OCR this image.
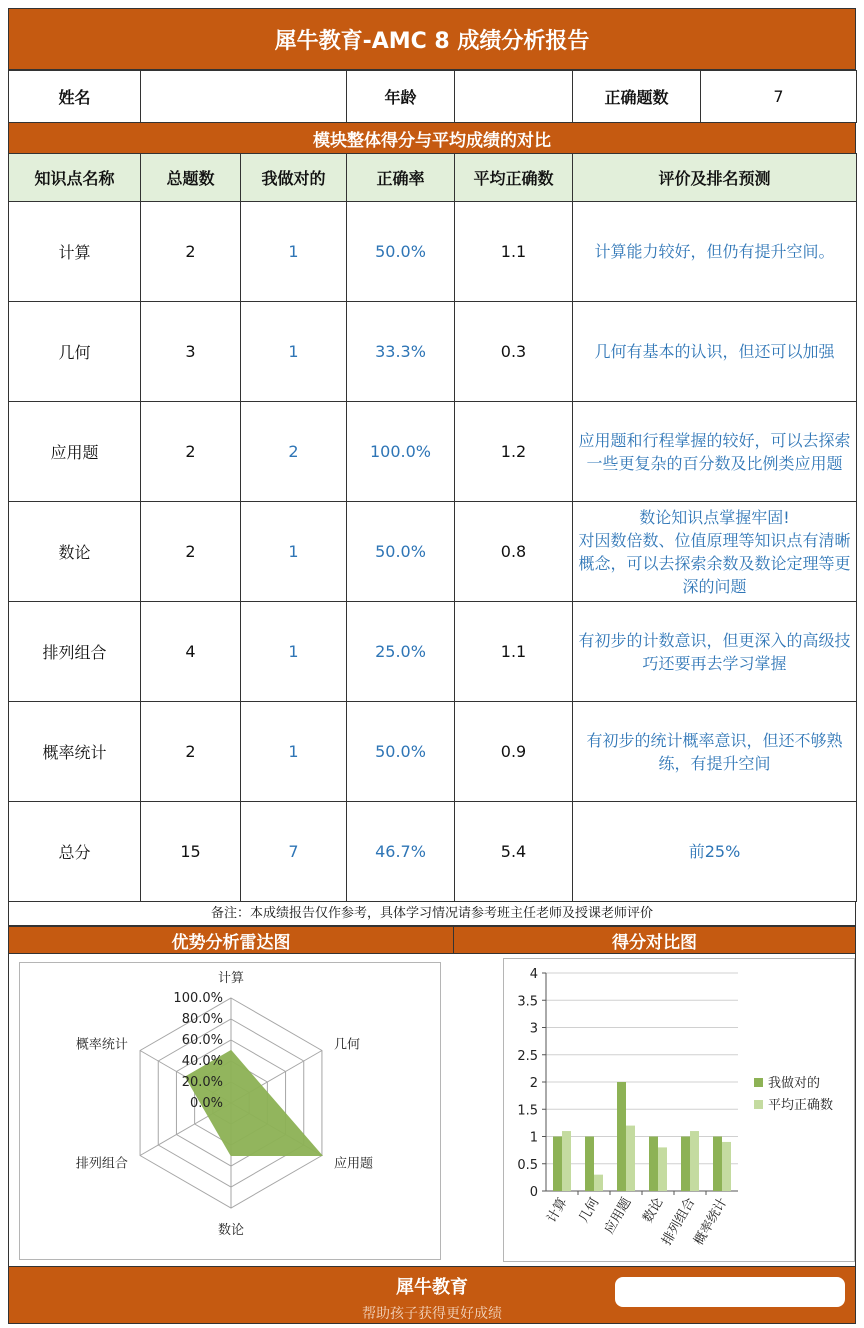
犀牛教育-AMC 8 成绩分析报告
姓名		年龄		正确题数	7
模块整体得分与平均成绩的对比
知识点名称	总题数	我做对的	正确率	平均正确数	评价及排名预测
计算	2	1	50.0%	1.1	计算能力较好，但仍有提升空间。
几何	3	1	33.3%	0.3	几何有基本的认识，但还可以加强
应用题	2	2	100.0%	1.2	应用题和行程掌握的较好，可以去探索一些更复杂的百分数及比例类应用题
数论	2	1	50.0%	0.8	数论知识点掌握牢固!
对因数倍数、位值原理等知识点有清晰概念，可以去探索余数及数论定理等更深的问题
排列组合	4	1	25.0%	1.1	有初步的计数意识，但更深入的高级技巧还要再去学习掌握
概率统计	2	1	50.0%	0.9	有初步的统计概率意识，但还不够熟练，有提升空间
总分	15	7	46.7%	5.4	前25%
备注：本成绩报告仅作参考，具体学习情况请参考班主任老师及授课老师评价
优势分析雷达图	得分对比图
0.0%
20.0%
40.0%
60.0%
80.0%
100.0%
计算
几何
应用题
数论
排列组合
概率统计
0
0.5
1
1.5
2
2.5
3
3.5
4
计算 几何 应用题 数论
排列组合
概率统计
我做对的
平均正确数
犀牛教育
帮助孩子获得更好成绩
